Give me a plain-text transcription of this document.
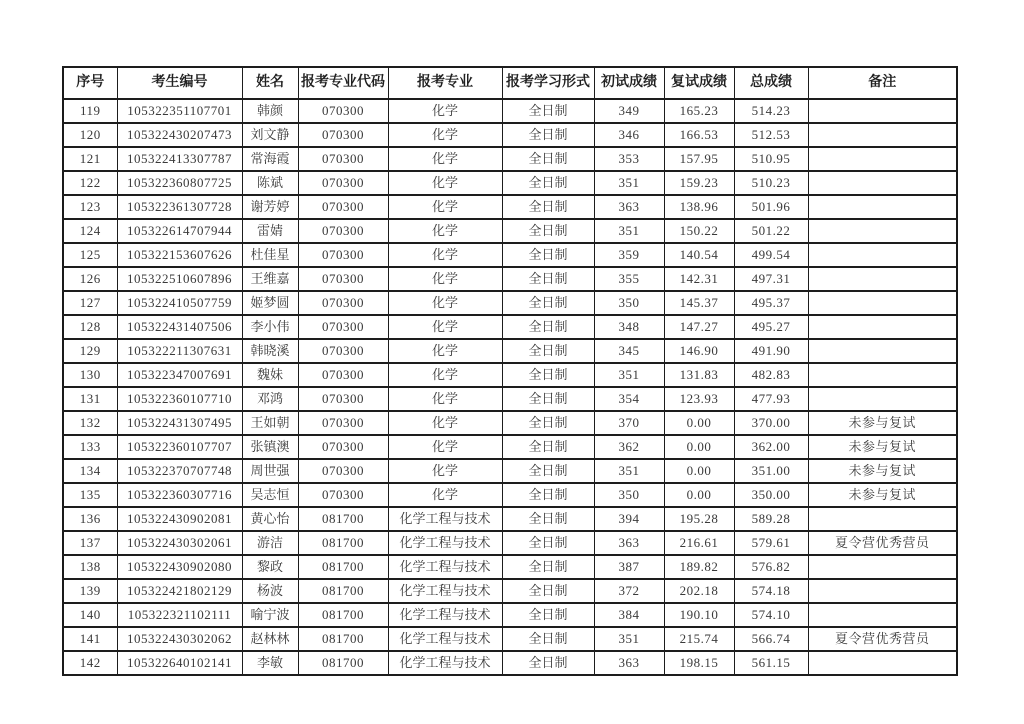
序号	考生编号	姓名	报考专业代码	报考专业	报考学习形式	初试成绩	复试成绩	总成绩	备注
119	105322351107701	韩颜	070300	化学	全日制	349	165.23	514.23	
120	105322430207473	刘文静	070300	化学	全日制	346	166.53	512.53	
121	105322413307787	常海霞	070300	化学	全日制	353	157.95	510.95	
122	105322360807725	陈斌	070300	化学	全日制	351	159.23	510.23	
123	105322361307728	谢芳婷	070300	化学	全日制	363	138.96	501.96	
124	105322614707944	雷婧	070300	化学	全日制	351	150.22	501.22	
125	105322153607626	杜佳星	070300	化学	全日制	359	140.54	499.54	
126	105322510607896	王维嘉	070300	化学	全日制	355	142.31	497.31	
127	105322410507759	姬梦圆	070300	化学	全日制	350	145.37	495.37	
128	105322431407506	李小伟	070300	化学	全日制	348	147.27	495.27	
129	105322211307631	韩晓溪	070300	化学	全日制	345	146.90	491.90	
130	105322347007691	魏妹	070300	化学	全日制	351	131.83	482.83	
131	105322360107710	邓鸿	070300	化学	全日制	354	123.93	477.93	
132	105322431307495	王如朝	070300	化学	全日制	370	0.00	370.00	未参与复试
133	105322360107707	张镇澳	070300	化学	全日制	362	0.00	362.00	未参与复试
134	105322370707748	周世强	070300	化学	全日制	351	0.00	351.00	未参与复试
135	105322360307716	吴志恒	070300	化学	全日制	350	0.00	350.00	未参与复试
136	105322430902081	黄心怡	081700	化学工程与技术	全日制	394	195.28	589.28	
137	105322430302061	游洁	081700	化学工程与技术	全日制	363	216.61	579.61	夏令营优秀营员
138	105322430902080	黎政	081700	化学工程与技术	全日制	387	189.82	576.82	
139	105322421802129	杨波	081700	化学工程与技术	全日制	372	202.18	574.18	
140	105322321102111	喻宁波	081700	化学工程与技术	全日制	384	190.10	574.10	
141	105322430302062	赵林林	081700	化学工程与技术	全日制	351	215.74	566.74	夏令营优秀营员
142	105322640102141	李敏	081700	化学工程与技术	全日制	363	198.15	561.15	
